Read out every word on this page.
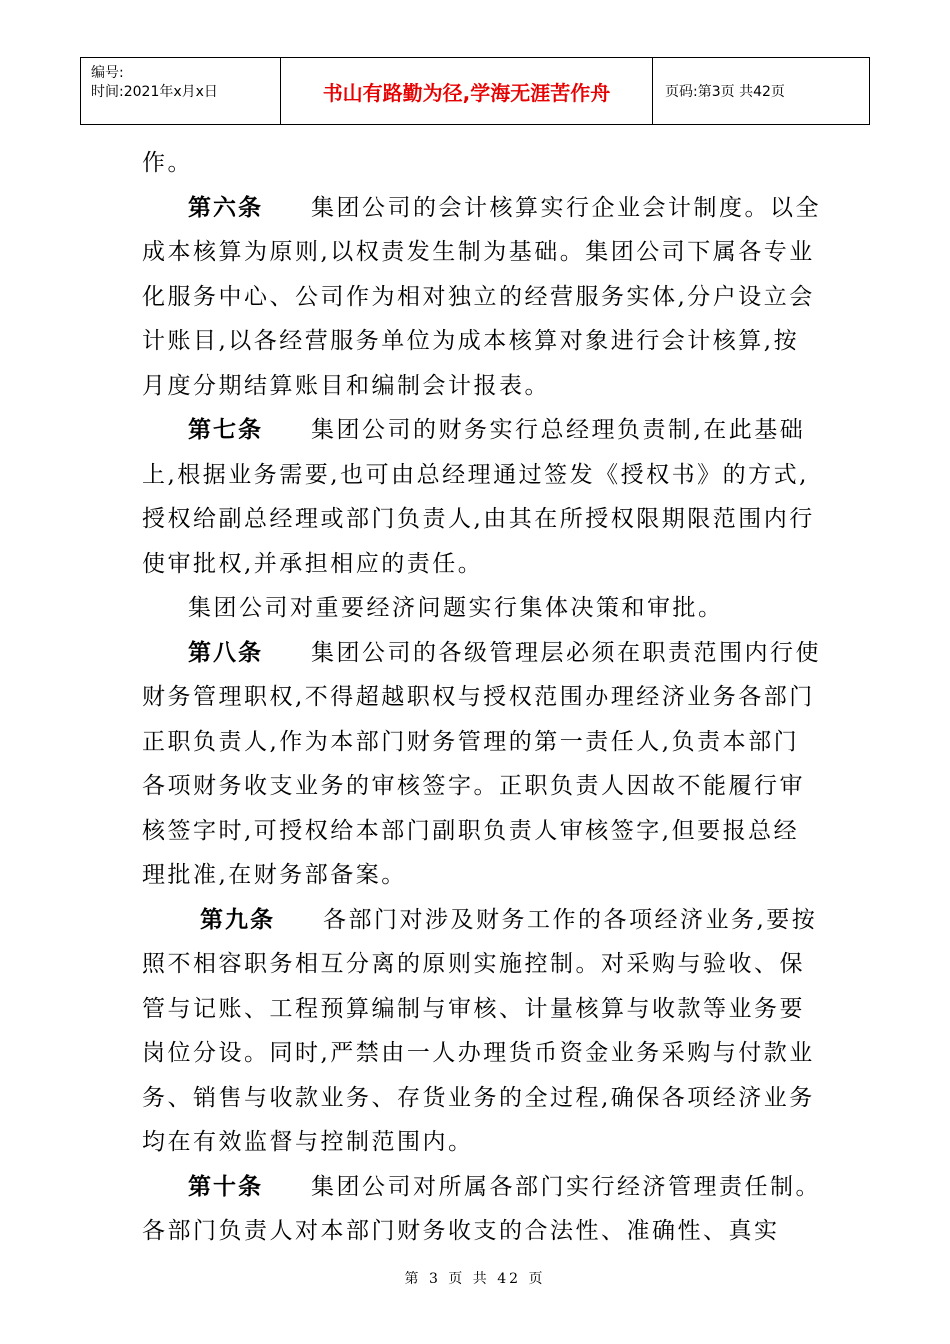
编号:
时间:2021年x月x日	书山有路勤为径,学海无涯苦作舟	页码:第3页 共42页

作。

第六条 集团公司的会计核算实行企业会计制度。以全成本核算为原则,以权责发生制为基础。集团公司下属各专业化服务中心、公司作为相对独立的经营服务实体,分户设立会计账目,以各经营服务单位为成本核算对象进行会计核算,按月度分期结算账目和编制会计报表。

第七条 集团公司的财务实行总经理负责制,在此基础上,根据业务需要,也可由总经理通过签发《授权书》的方式,授权给副总经理或部门负责人,由其在所授权限期限范围内行使审批权,并承担相应的责任。

集团公司对重要经济问题实行集体决策和审批。

第八条 集团公司的各级管理层必须在职责范围内行使财务管理职权,不得超越职权与授权范围办理经济业务各部门正职负责人,作为本部门财务管理的第一责任人,负责本部门各项财务收支业务的审核签字。正职负责人因故不能履行审核签字时,可授权给本部门副职负责人审核签字,但要报总经理批准,在财务部备案。

第九条 各部门对涉及财务工作的各项经济业务,要按照不相容职务相互分离的原则实施控制。对采购与验收、保管与记账、工程预算编制与审核、计量核算与收款等业务要岗位分设。同时,严禁由一人办理货币资金业务采购与付款业务、销售与收款业务、存货业务的全过程,确保各项经济业务均在有效监督与控制范围内。

第十条 集团公司对所属各部门实行经济管理责任制。各部门负责人对本部门财务收支的合法性、准确性、真实

第 3 页 共 42 页
